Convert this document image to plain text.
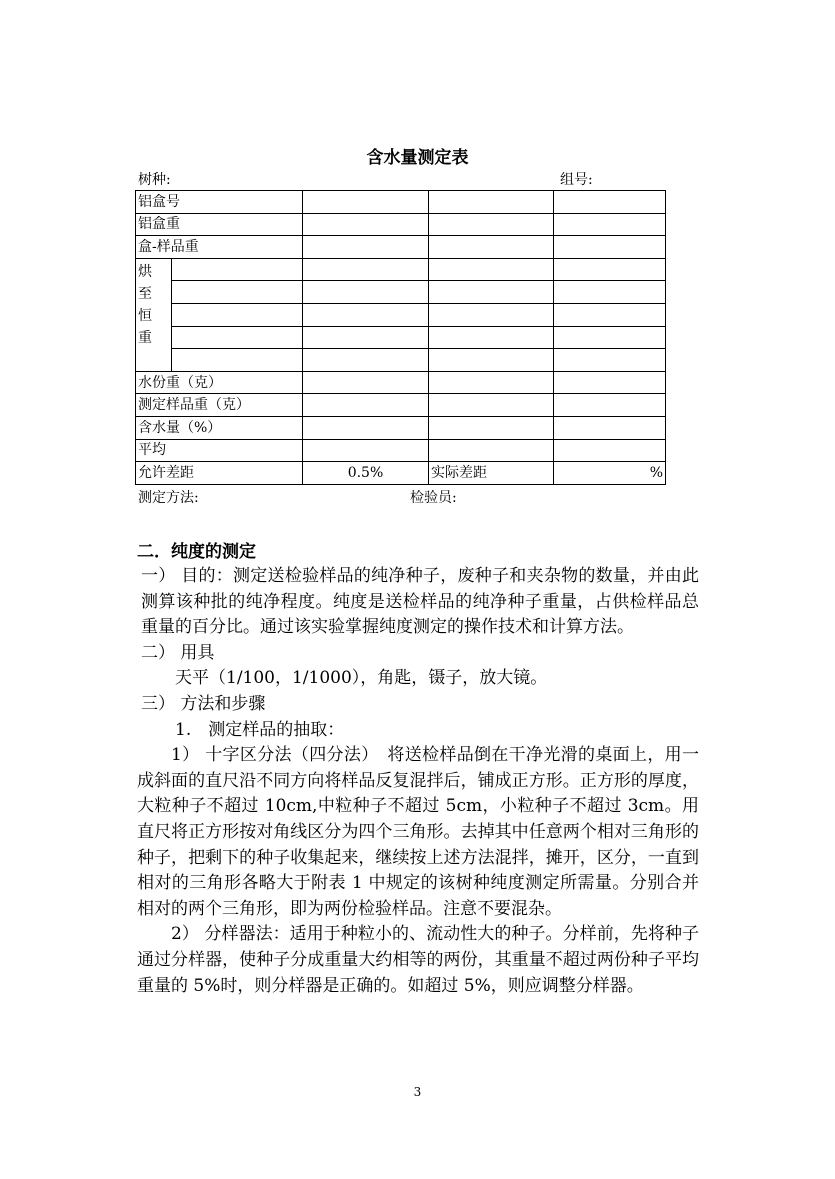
含水量测定表
树种:	组号:
铝盒号				
铝盒重				
盒-样品重				

烘
至
恒
重				

水份重（克）				
测定样品重（克）				
含水量（%）				
平均				
允许差距		0.5%	实际差距	%
测定方法:	检验员:
二．纯度的测定

一） 目的：测定送检验样品的纯净种子，废种子和夹杂物的数量，并由此测算该种批的纯净程度。纯度是送检样品的纯净种子重量，占供检样品总重量的百分比。通过该实验掌握纯度测定的操作技术和计算方法。

二） 用具

天平（1/100，1/1000），角匙，镊子，放大镜。

三） 方法和步骤

1.　测定样品的抽取：

1） 十字区分法（四分法）　将送检样品倒在干净光滑的桌面上，用一成斜面的直尺沿不同方向将样品反复混拌后，铺成正方形。正方形的厚度，大粒种子不超过 10cm,中粒种子不超过 5cm，小粒种子不超过 3cm。用直尺将正方形按对角线区分为四个三角形。去掉其中任意两个相对三角形的种子，把剩下的种子收集起来，继续按上述方法混拌，摊开，区分，一直到相对的三角形各略大于附表 1 中规定的该树种纯度测定所需量。分别合并相对的两个三角形，即为两份检验样品。注意不要混杂。

2） 分样器法：适用于种粒小的、流动性大的种子。分样前，先将种子通过分样器，使种子分成重量大约相等的两份，其重量不超过两份种子平均重量的 5%时，则分样器是正确的。如超过 5%，则应调整分样器。

3
